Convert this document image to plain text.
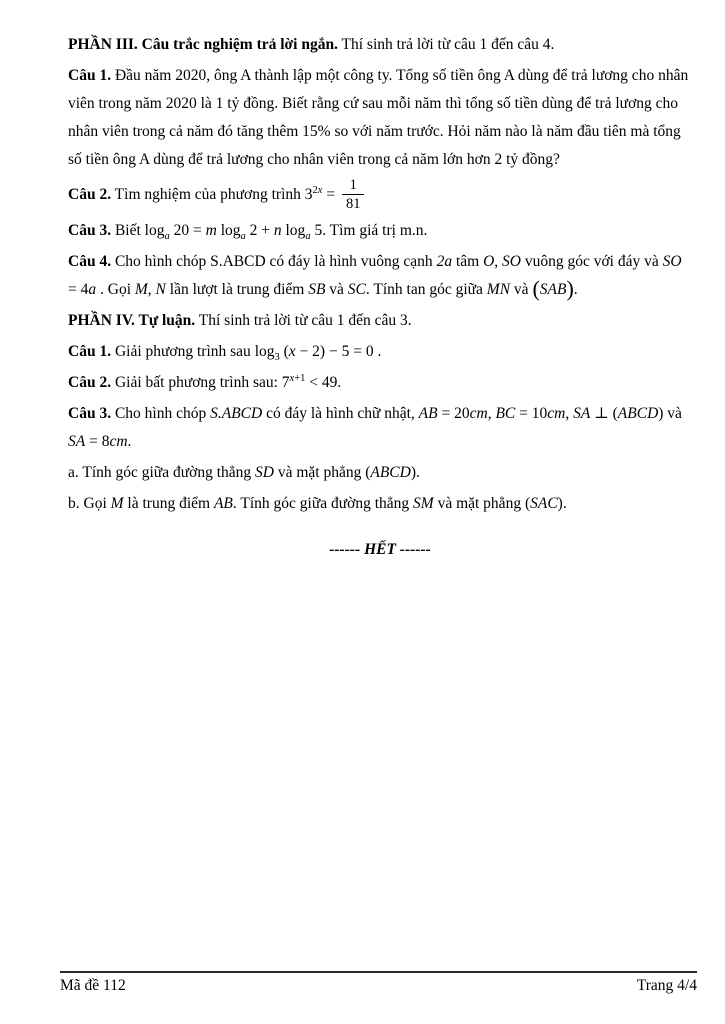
PHẦN III. Câu trắc nghiệm trả lời ngắn. Thí sinh trả lời từ câu 1 đến câu 4.

Câu 1. Đầu năm 2020, ông A thành lập một công ty. Tổng số tiền ông A dùng để trả lương cho nhân viên trong năm 2020 là 1 tỷ đồng. Biết rằng cứ sau mỗi năm thì tổng số tiền dùng để trả lương cho nhân viên trong cả năm đó tăng thêm 15% so với năm trước. Hỏi năm nào là năm đầu tiên mà tổng số tiền ông A dùng để trả lương cho nhân viên trong cả năm lớn hơn 2 tỷ đồng?

Câu 2. Tìm nghiệm của phương trình $3^{2x} = \frac{1}{81}$

Câu 3. Biết $\log_a 20 = m$ $\log_a 2 + n$ $\log_a 5$. Tìm giá trị m.n.

Câu 4. Cho hình chóp S.ABCD có đáy là hình vuông cạnh 2a tâm O, SO vuông góc với đáy và SO = 4a . Gọi M, N lần lượt là trung điểm SB và SC. Tính tan góc giữa MN và (SAB).

PHẦN IV. Tự luận. Thí sinh trả lời từ câu 1 đến câu 3.

Câu 1. Giải phương trình sau $\log_3 (x - 2) - 5 = 0$ .

Câu 2. Giải bất phương trình sau: $7^{x+1} < 49$.

Câu 3. Cho hình chóp S.ABCD có đáy là hình chữ nhật, AB = 20cm, BC = 10cm, SA ⊥ (ABCD) và SA = 8cm.

a. Tính góc giữa đường thẳng SD và mặt phẳng (ABCD).

b. Gọi M là trung điểm AB. Tính góc giữa đường thẳng SM và mặt phẳng (SAC).

------ HẾT ------

Mã đề 112	Trang 4/4
